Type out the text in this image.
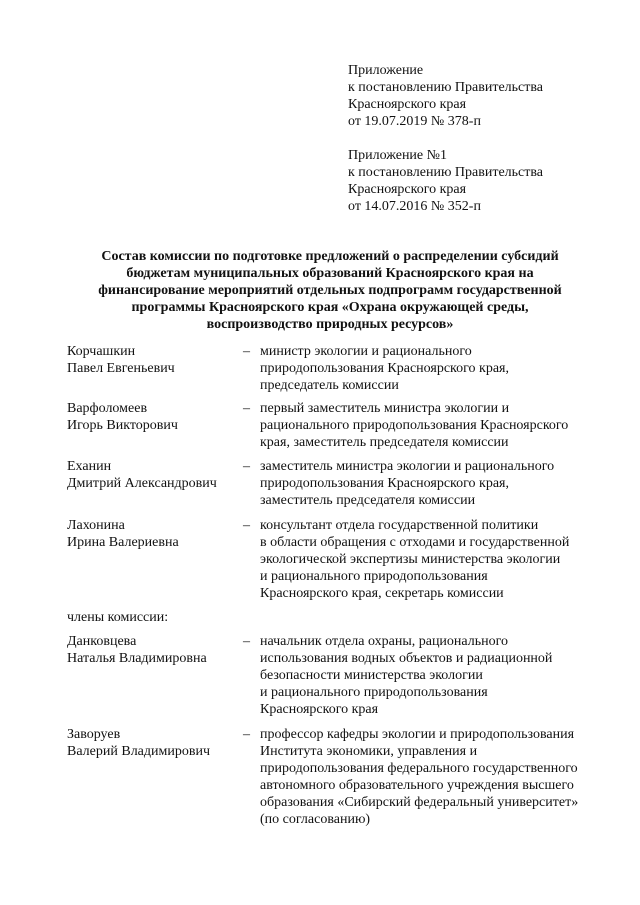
Приложение
к постановлению Правительства
Красноярского края
от 19.07.2019 № 378-п
Приложение №1
к постановлению Правительства
Красноярского края
от 14.07.2016 № 352-п
Состав комиссии по подготовке предложений о распределении субсидий
бюджетам муниципальных образований Красноярского края на
финансирование мероприятий отдельных подпрограмм государственной
программы Красноярского края «Охрана окружающей среды,
воспроизводство природных ресурсов»
Корчашкин
Павел Евгеньевич
– министр экологии и рационального
природопользования Красноярского края,
председатель комиссии
Варфоломеев
Игорь Викторович
– первый заместитель министра экологии и
рационального природопользования Красноярского
края, заместитель председателя комиссии
Еханин
Дмитрий Александрович
– заместитель министра экологии и рационального
природопользования Красноярского края,
заместитель председателя комиссии
Лахонина
Ирина Валериевна
– консультант отдела государственной политики
в области обращения с отходами и государственной
экологической экспертизы министерства экологии
и рационального природопользования
Красноярского края, секретарь комиссии
члены комиссии:
Данковцева
Наталья Владимировна
– начальник отдела охраны, рационального
использования водных объектов и радиационной
безопасности министерства экологии
и рационального природопользования
Красноярского края
Заворуев
Валерий Владимирович
– профессор кафедры экологии и природопользования
Института экономики, управления и
природопользования федерального государственного
автономного образовательного учреждения высшего
образования «Сибирский федеральный университет»
(по согласованию)
